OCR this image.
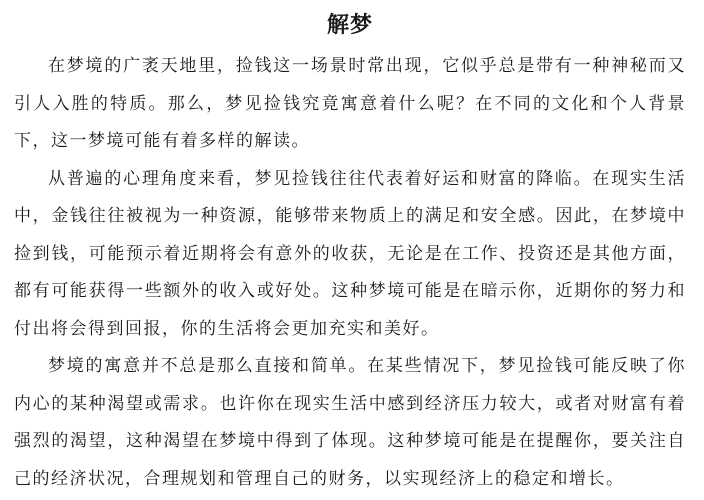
解梦

在梦境的广袤天地里，捡钱这一场景时常出现，它似乎总是带有一种神秘而又引人入胜的特质。那么，梦见捡钱究竟寓意着什么呢？在不同的文化和个人背景下，这一梦境可能有着多样的解读。

从普遍的心理角度来看，梦见捡钱往往代表着好运和财富的降临。在现实生活中，金钱往往被视为一种资源，能够带来物质上的满足和安全感。因此，在梦境中捡到钱，可能预示着近期将会有意外的收获，无论是在工作、投资还是其他方面，都有可能获得一些额外的收入或好处。这种梦境可能是在暗示你，近期你的努力和付出将会得到回报，你的生活将会更加充实和美好。

梦境的寓意并不总是那么直接和简单。在某些情况下，梦见捡钱可能反映了你内心的某种渴望或需求。也许你在现实生活中感到经济压力较大，或者对财富有着强烈的渴望，这种渴望在梦境中得到了体现。这种梦境可能是在提醒你，要关注自己的经济状况，合理规划和管理自己的财务，以实现经济上的稳定和增长。
